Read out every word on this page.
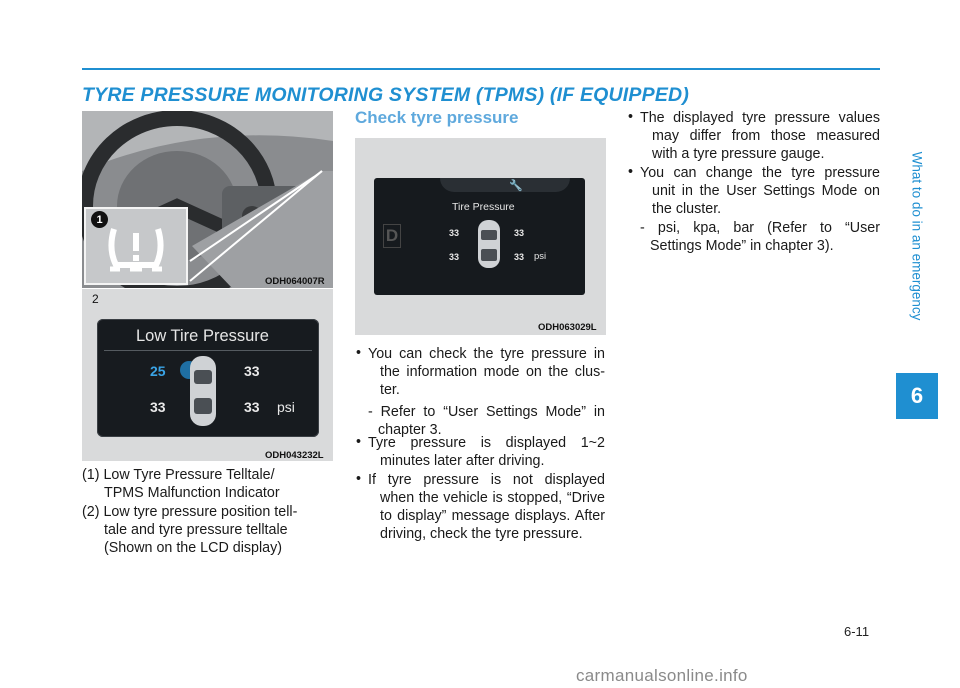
TYRE PRESSURE MONITORING SYSTEM (TPMS) (IF EQUIPPED)
What to do in an emergency
6
1
ODH064007R
2
Low Tire Pressure
25	33
33	33 psi
ODH043232L
(1) Low Tyre Pressure Telltale/
TPMS Malfunction Indicator
(2) Low tyre pressure position tell-
tale and tyre pressure telltale
(Shown on the LCD display)
Check tyre pressure
🔧
Tire Pressure
D	33	33
33	33 psi
ODH063029L
• You can check the tyre pressure in
the information mode on the clus-
ter.
- Refer to “User Settings Mode” in
chapter 3.
• Tyre pressure is displayed 1~2
minutes later after driving.
• If tyre pressure is not displayed
when the vehicle is stopped, “Drive
to display” message displays. After
driving, check the tyre pressure.
• The displayed tyre pressure values
may differ from those measured
with a tyre pressure gauge.
• You can change the tyre pressure
unit in the User Settings Mode on
the cluster.
- psi, kpa, bar (Refer to “User
Settings Mode” in chapter 3).
6-11
carmanualsonline.info
